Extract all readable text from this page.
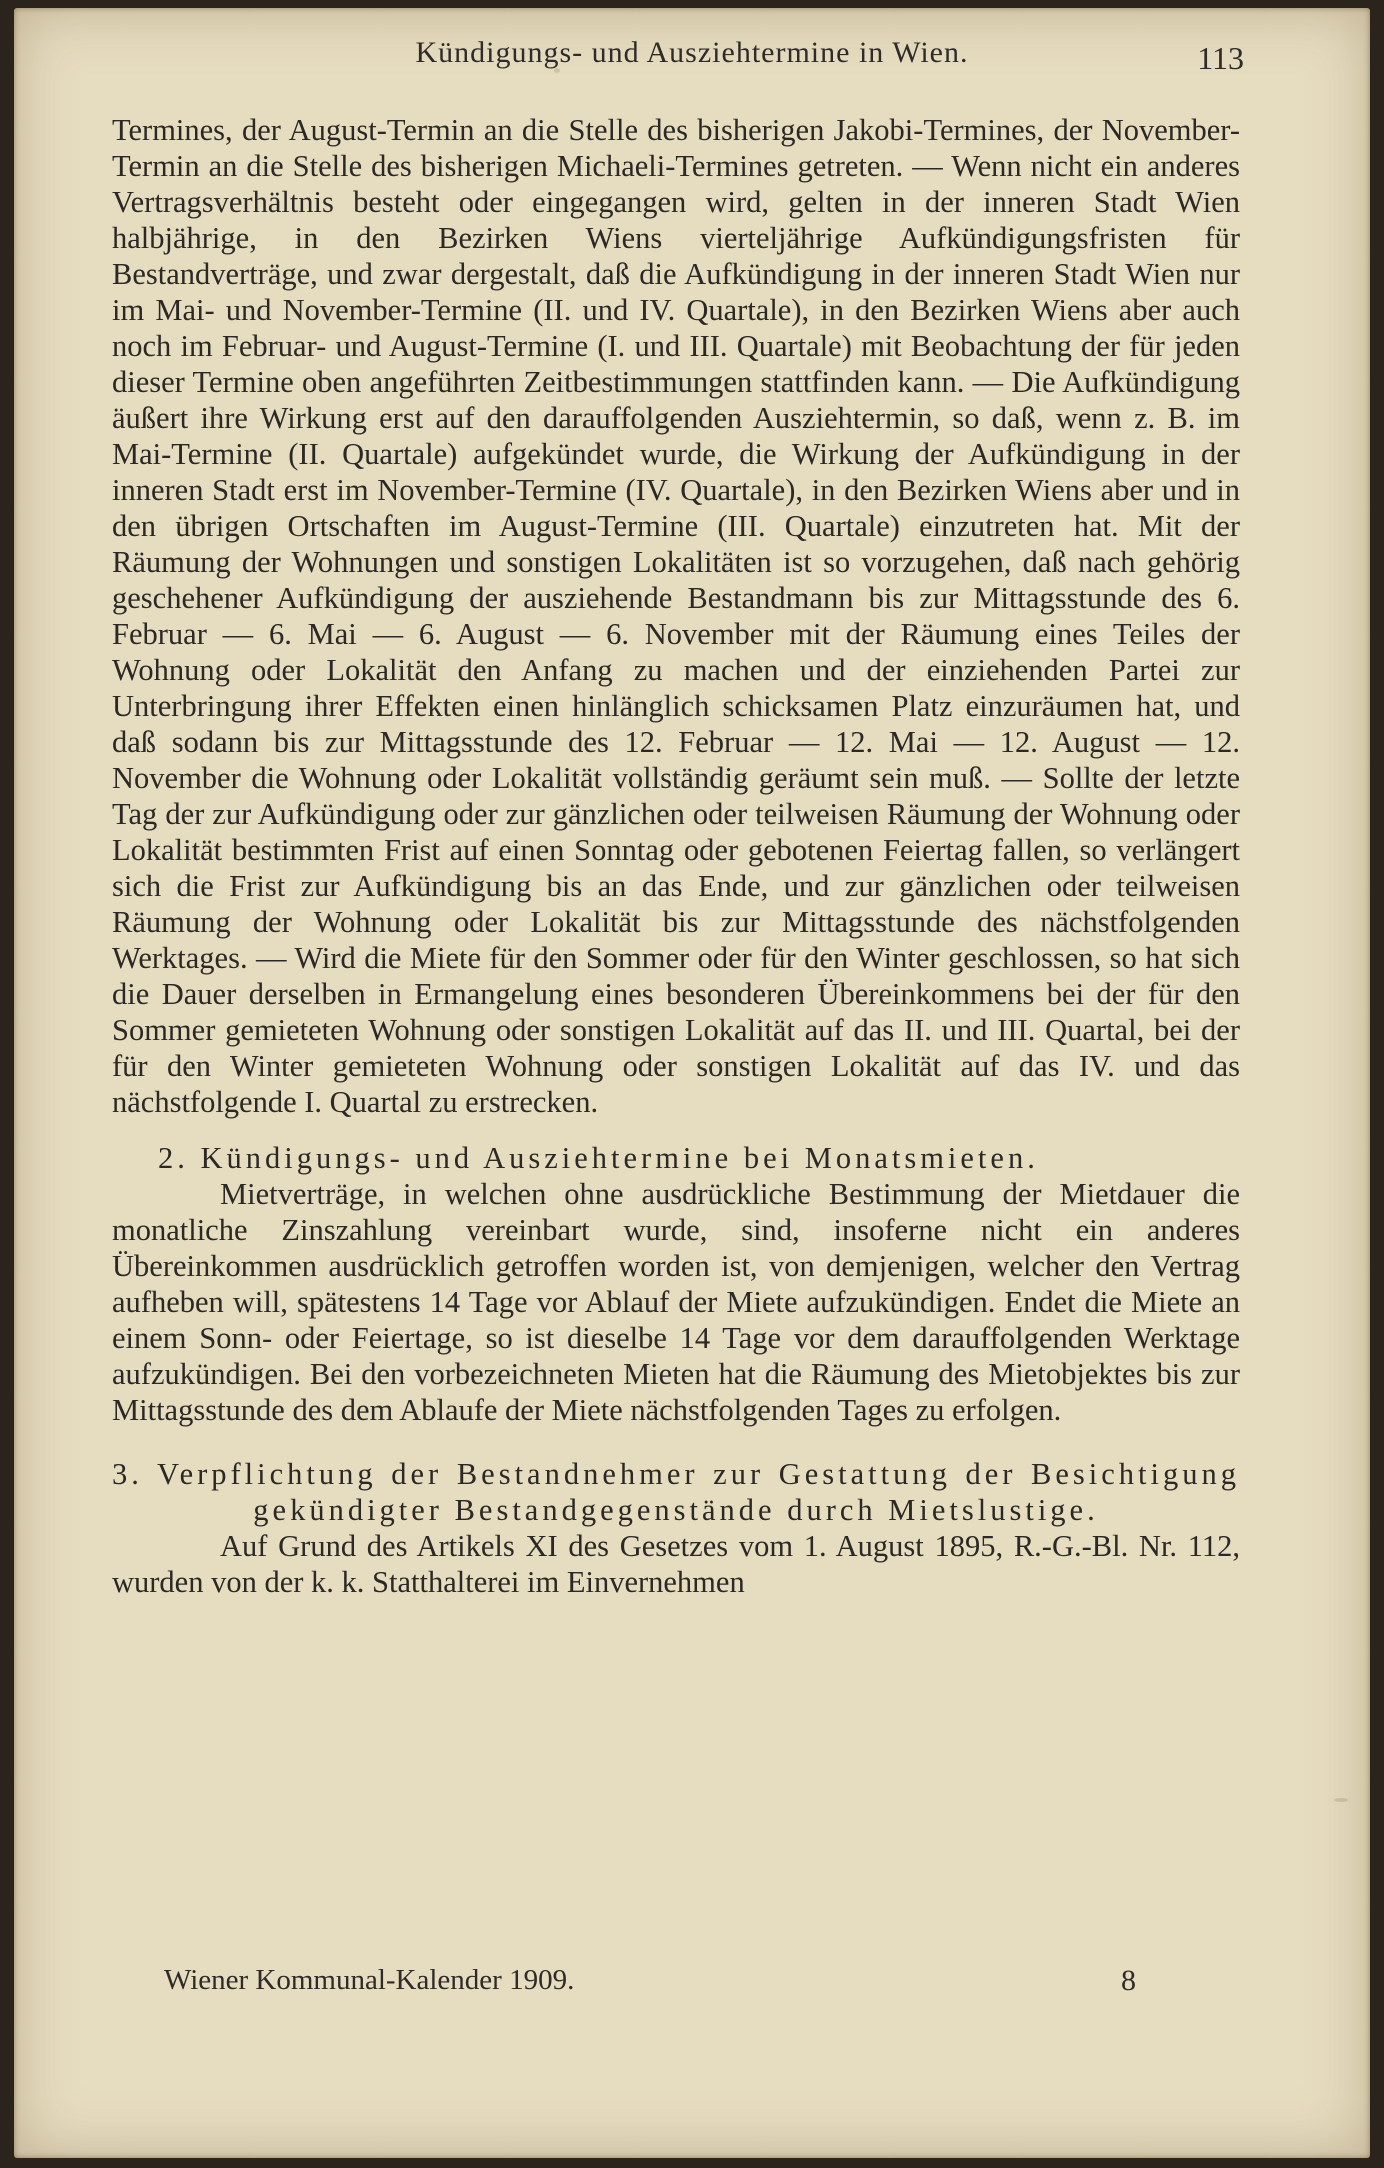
Kündigungs- und Ausziehtermine in Wien.	113

Termines, der August-Termin an die Stelle des bisherigen Jakobi-Termines, der November-Termin an die Stelle des bisherigen Michaeli-Termines getreten. — Wenn nicht ein anderes Vertragsverhältnis besteht oder eingegangen wird, gelten in der inneren Stadt Wien halbjährige, in den Bezirken Wiens vierteljährige Aufkündigungsfristen für Bestandverträge, und zwar dergestalt, daß die Aufkündigung in der inneren Stadt Wien nur im Mai- und November-Termine (II. und IV. Quartale), in den Bezirken Wiens aber auch noch im Februar- und August-Termine (I. und III. Quartale) mit Beobachtung der für jeden dieser Termine oben angeführten Zeitbestimmungen stattfinden kann. — Die Aufkündigung äußert ihre Wirkung erst auf den darauffolgenden Ausziehtermin, so daß, wenn z. B. im Mai-Termine (II. Quartale) aufgekündet wurde, die Wirkung der Aufkündigung in der inneren Stadt erst im November-Termine (IV. Quartale), in den Bezirken Wiens aber und in den übrigen Ortschaften im August-Termine (III. Quartale) einzutreten hat. Mit der Räumung der Wohnungen und sonstigen Lokalitäten ist so vorzugehen, daß nach gehörig geschehener Aufkündigung der ausziehende Bestandmann bis zur Mittagsstunde des 6. Februar — 6. Mai — 6. August — 6. November mit der Räumung eines Teiles der Wohnung oder Lokalität den Anfang zu machen und der einziehenden Partei zur Unterbringung ihrer Effekten einen hinlänglich schicksamen Platz einzuräumen hat, und daß sodann bis zur Mittagsstunde des 12. Februar — 12. Mai — 12. August — 12. November die Wohnung oder Lokalität vollständig geräumt sein muß. — Sollte der letzte Tag der zur Aufkündigung oder zur gänzlichen oder teilweisen Räumung der Wohnung oder Lokalität bestimmten Frist auf einen Sonntag oder gebotenen Feiertag fallen, so verlängert sich die Frist zur Aufkündigung bis an das Ende, und zur gänzlichen oder teilweisen Räumung der Wohnung oder Lokalität bis zur Mittagsstunde des nächstfolgenden Werktages. — Wird die Miete für den Sommer oder für den Winter geschlossen, so hat sich die Dauer derselben in Ermangelung eines besonderen Übereinkommens bei der für den Sommer gemieteten Wohnung oder sonstigen Lokalität auf das II. und III. Quartal, bei der für den Winter gemieteten Wohnung oder sonstigen Lokalität auf das IV. und das nächstfolgende I. Quartal zu erstrecken.

2. Kündigungs- und Ausziehtermine bei Monatsmieten.

Mietverträge, in welchen ohne ausdrückliche Bestimmung der Mietdauer die monatliche Zinszahlung vereinbart wurde, sind, insoferne nicht ein anderes Übereinkommen ausdrücklich getroffen worden ist, von demjenigen, welcher den Vertrag aufheben will, spätestens 14 Tage vor Ablauf der Miete aufzukündigen. Endet die Miete an einem Sonn- oder Feiertage, so ist dieselbe 14 Tage vor dem darauffolgenden Werktage aufzukündigen. Bei den vorbezeichneten Mieten hat die Räumung des Mietobjektes bis zur Mittagsstunde des dem Ablaufe der Miete nächstfolgenden Tages zu erfolgen.

3. Verpflichtung der Bestandnehmer zur Gestattung der Besichtigung gekündigter Bestandgegenstände durch Mietslustige.

Auf Grund des Artikels XI des Gesetzes vom 1. August 1895, R.-G.-Bl. Nr. 112, wurden von der k. k. Statthalterei im Einvernehmen

Wiener Kommunal-Kalender 1909.	8
